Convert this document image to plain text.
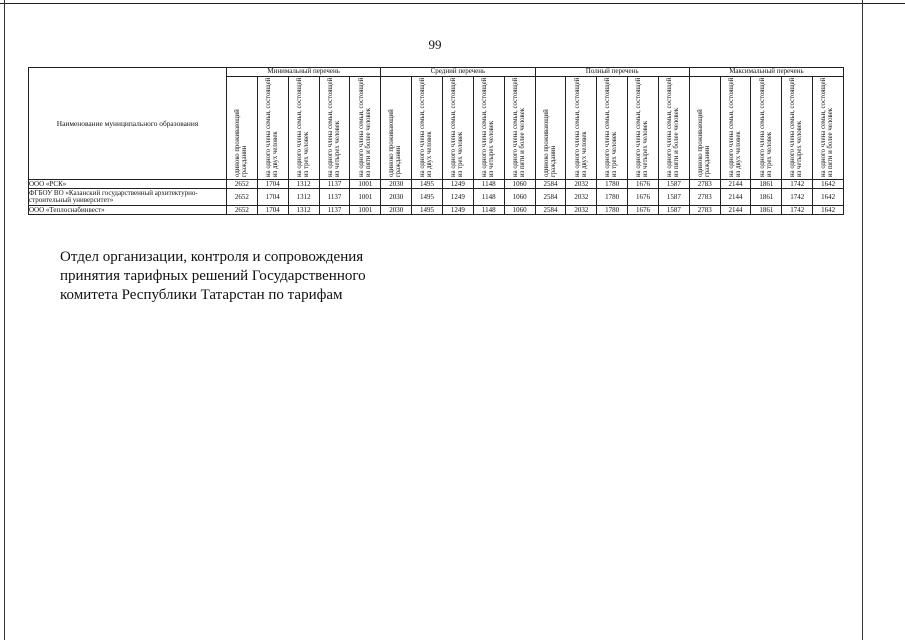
99
Наименование муниципального образования	Минимальный перечень					Средний перечень					Полный перечень					Максимальный перечень				
	одиноко проживающий гражданин	на одного члена семьи, состоящей из двух человек	на одного члена семьи, состоящей из трех человек	на одного члена семьи, состоящей из четырех человек	на одного члена семьи, состоящей из пяти и более человек	одиноко проживающий гражданин	на одного члена семьи, состоящей из двух человек	на одного члена семьи, состоящей из трех человек	на одного члена семьи, состоящей из четырех человек	на одного члена семьи, состоящей из пяти и более человек	одиноко проживающий гражданин	на одного члена семьи, состоящей из двух человек	на одного члена семьи, состоящей из трех человек	на одного члена семьи, состоящей из четырех человек	на одного члена семьи, состоящей из пяти и более человек	одиноко проживающий гражданин	на одного члена семьи, состоящей из двух человек	на одного члена семьи, состоящей из трех человек	на одного члена семьи, состоящей из четырех человек	на одного члена семьи, состоящей из пяти и более человек
ООО «РСК»	2652	1704	1312	1137	1001	2030	1495	1249	1148	1060	2584	2032	1780	1676	1587	2783	2144	1861	1742	1642
ФГБОУ ВО «Казанский государственный архитектурно-строительный университет»	2652	1704	1312	1137	1001	2030	1495	1249	1148	1060	2584	2032	1780	1676	1587	2783	2144	1861	1742	1642
ООО «Теплоснабинвест»	2652	1704	1312	1137	1001	2030	1495	1249	1148	1060	2584	2032	1780	1676	1587	2783	2144	1861	1742	1642
Отдел организации, контроля и сопровождения принятия тарифных решений Государственного комитета Республики Татарстан по тарифам
